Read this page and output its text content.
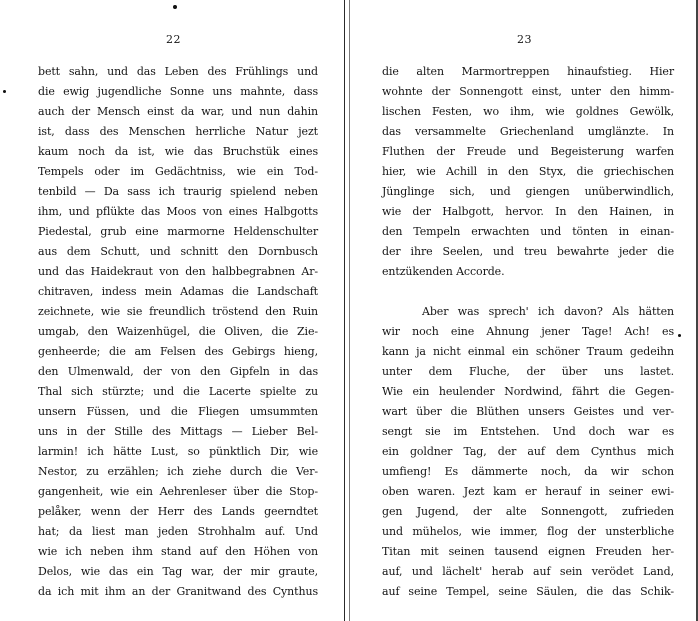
22
bett sahn, und das Leben des Frühlings und
die ewig jugendliche Sonne uns mahnte, dass
auch der Mensch einst da war, und nun dahin
ist, dass des Menschen herrliche Natur jezt
kaum noch da ist, wie das Bruchstük eines
Tempels oder im Gedächtniss, wie ein Tod-
tenbild — Da sass ich traurig spielend neben
ihm, und pflükte das Moos von eines Halbgotts
Piedestal, grub eine marmorne Heldenschulter
aus dem Schutt, und schnitt den Dornbusch
und das Haidekraut von den halbbegrabnen Ar-
chitraven, indess mein Adamas die Landschaft
zeichnete, wie sie freundlich tröstend den Ruin
umgab, den Waizenhügel, die Oliven, die Zie-
genheerde; die am Felsen des Gebirgs hieng,
den Ulmenwald, der von den Gipfeln in das
Thal sich stürzte; und die Lacerte spielte zu
unsern Füssen, und die Fliegen umsummten
uns in der Stille des Mittags — Lieber Bel-
larmin! ich hätte Lust, so pünktlich Dir, wie
Nestor, zu erzählen; ich ziehe durch die Ver-
gangenheit, wie ein Aehrenleser über die Stop-
pelåker, wenn der Herr des Lands geerndtet
hat; da liest man jeden Strohhalm auf. Und
wie ich neben ihm stand auf den Höhen von
Delos, wie das ein Tag war, der mir graute,
da ich mit ihm an der Granitwand des Cynthus
23
die alten Marmortreppen hinaufstieg. Hier
wohnte der Sonnengott einst, unter den himm-
lischen Festen, wo ihm, wie goldnes Gewölk,
das versammelte Griechenland umglänzte. In
Fluthen der Freude und Begeisterung warfen
hier, wie Achill in den Styx, die griechischen
Jünglinge sich, und giengen unüberwindlich,
wie der Halbgott, hervor. In den Hainen, in
den Tempeln erwachten und tönten in einan-
der ihre Seelen, und treu bewahrte jeder die
entzükenden Accorde.
Aber was sprech' ich davon? Als hätten
wir noch eine Ahnung jener Tage! Ach! es
kann ja nicht einmal ein schöner Traum gedeihn
unter dem Fluche, der über uns lastet.
Wie ein heulender Nordwind, fährt die Gegen-
wart über die Blüthen unsers Geistes und ver-
sengt sie im Entstehen. Und doch war es
ein goldner Tag, der auf dem Cynthus mich
umfieng! Es dämmerte noch, da wir schon
oben waren. Jezt kam er herauf in seiner ewi-
gen Jugend, der alte Sonnengott, zufrieden
und mühelos, wie immer, flog der unsterbliche
Titan mit seinen tausend eignen Freuden her-
auf, und lächelt' herab auf sein verödet Land,
auf seine Tempel, seine Säulen, die das Schik-
